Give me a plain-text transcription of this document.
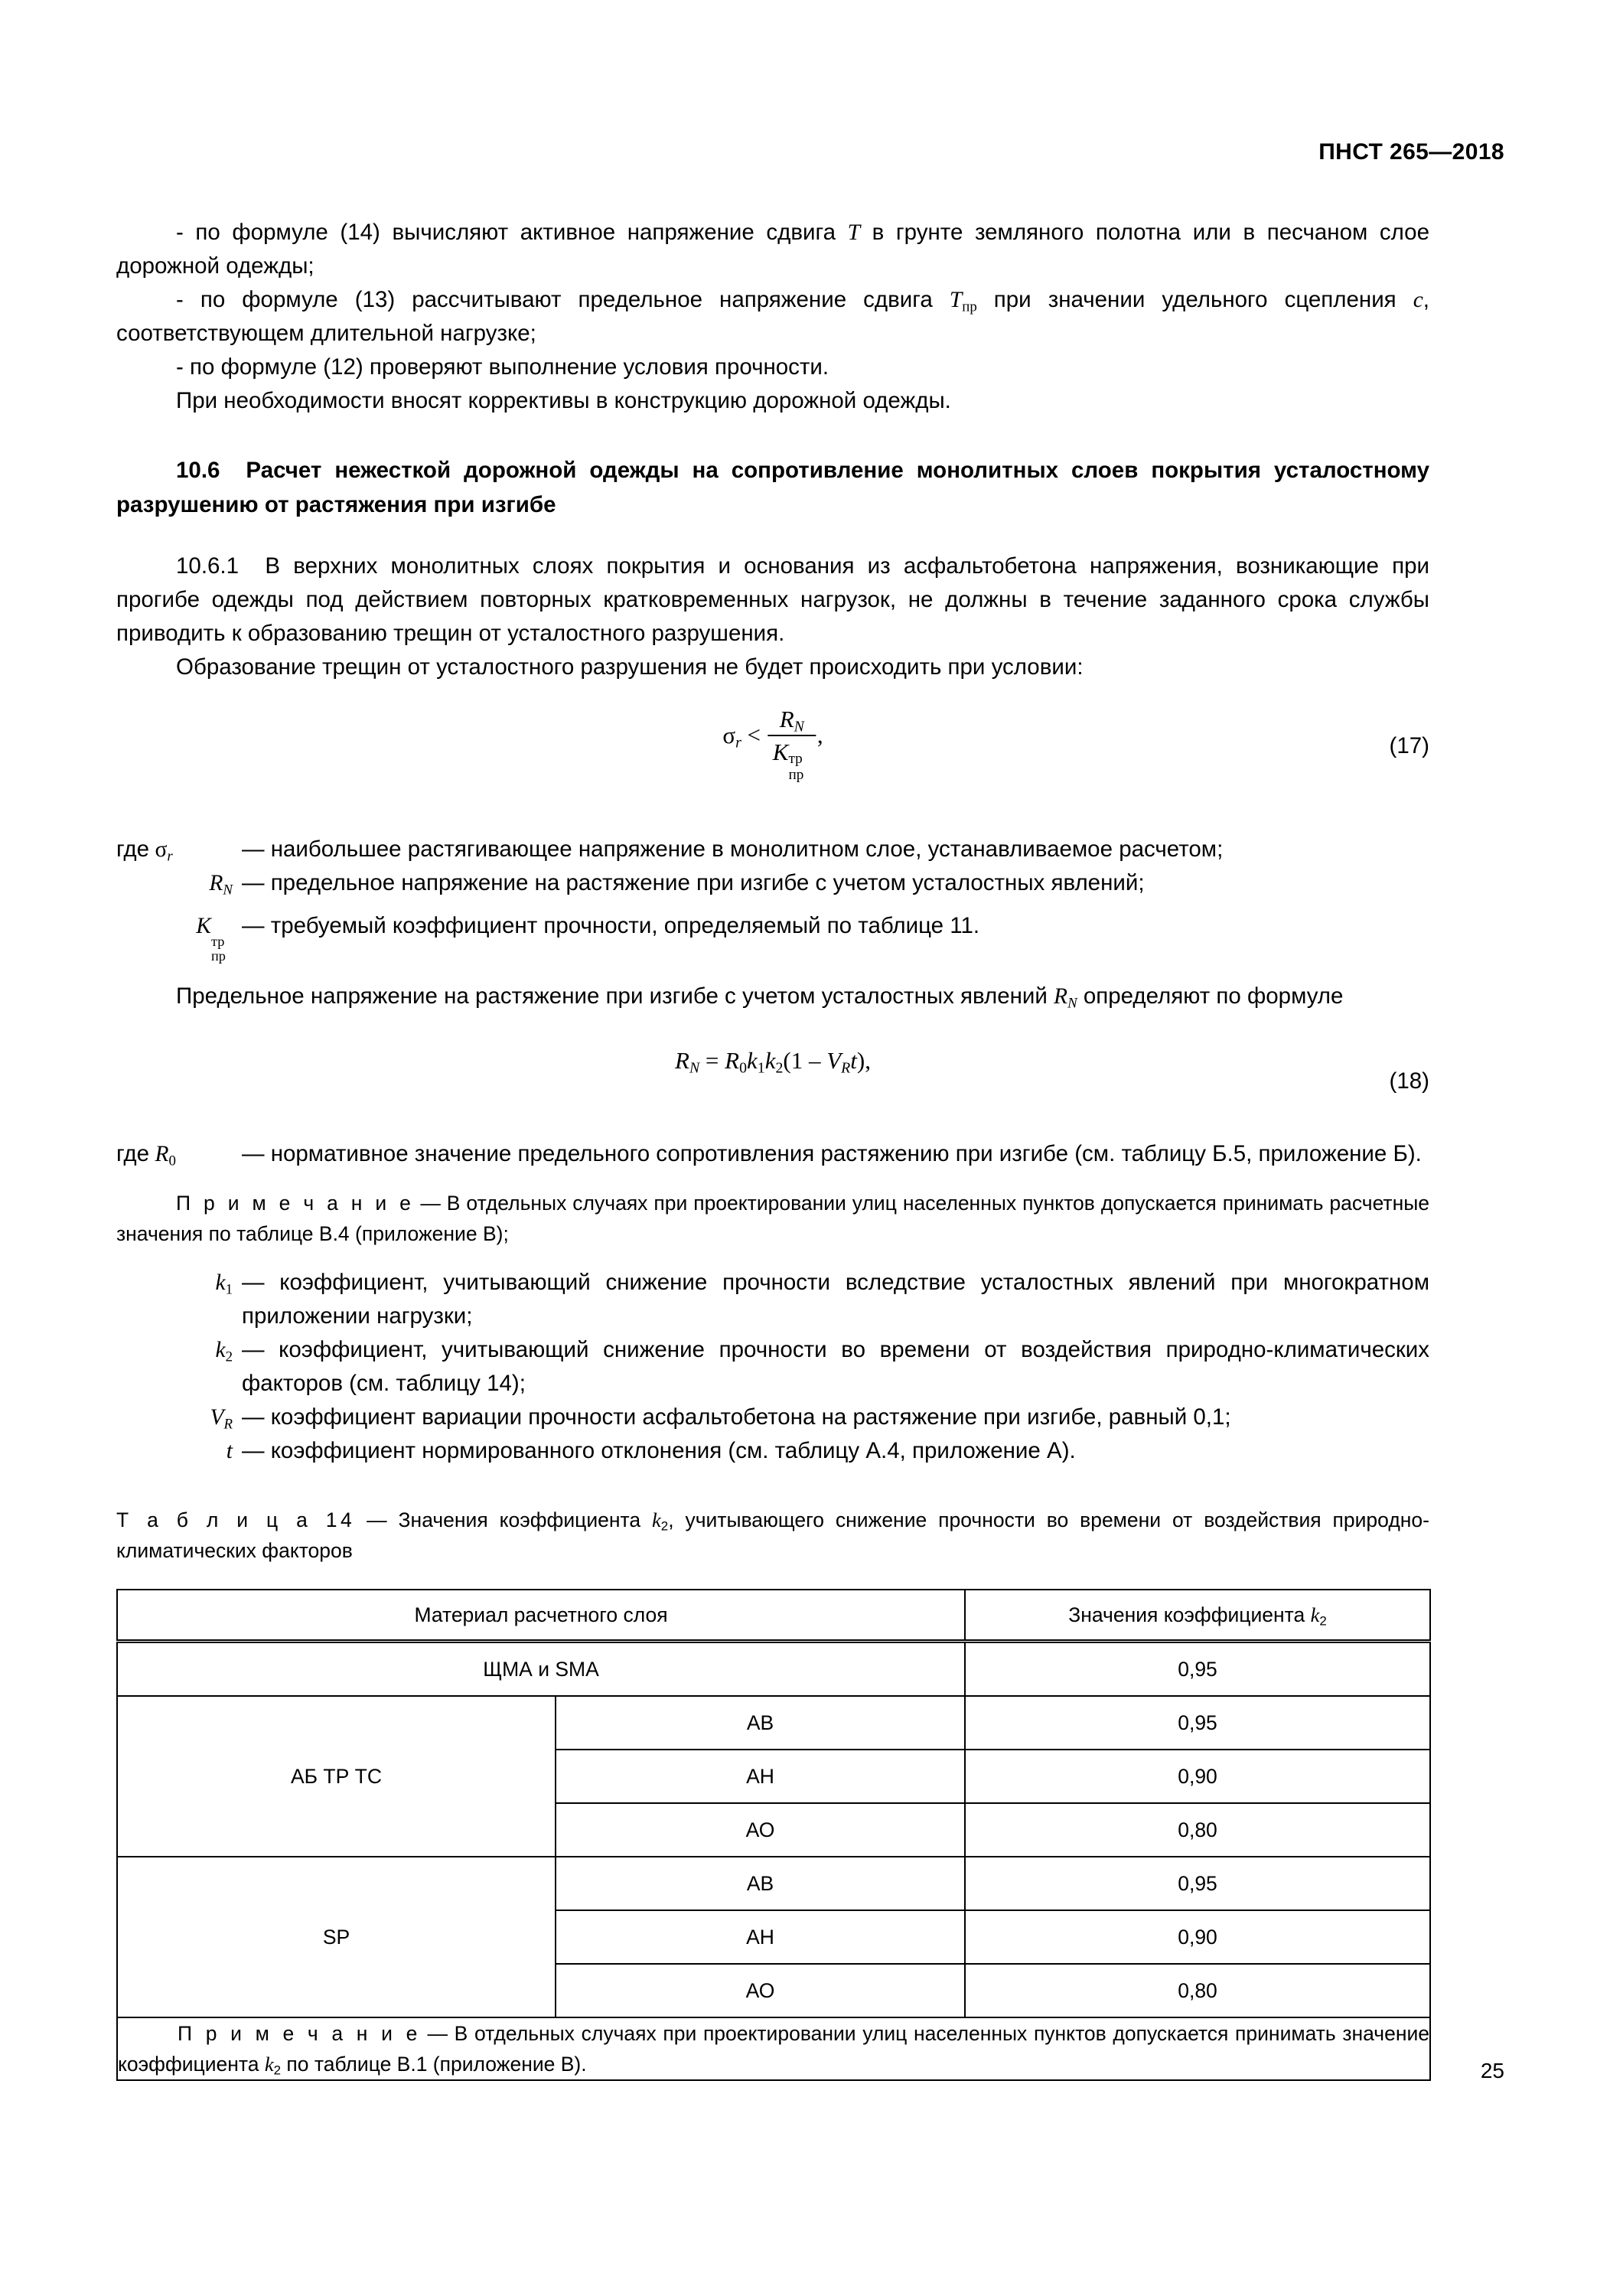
ПНСТ 265—2018

- по формуле (14) вычисляют активное напряжение сдвига T в грунте земляного полотна или в песчаном слое дорожной одежды;

- по формуле (13) рассчитывают предельное напряжение сдвига $T_{пр}$ при значении удельного сцепления c, соответствующем длительной нагрузке;

- по формуле (12) проверяют выполнение условия прочности.

При необходимости вносят коррективы в конструкцию дорожной одежды.

10.6 Расчет нежесткой дорожной одежды на сопротивление монолитных слоев покрытия усталостному разрушению от растяжения при изгибе

10.6.1 В верхних монолитных слоях покрытия и основания из асфальтобетона напряжения, возникающие при прогибе одежды под действием повторных кратковременных нагрузок, не должны в течение заданного срока службы приводить к образованию трещин от усталостного разрушения.

Образование трещин от усталостного разрушения не будет происходить при условии:

$\sigma_r < R_N$
K тр
пр ,	(17)
где $\sigma_r$	— наибольшее растягивающее напряжение в монолитном слое, устанавливаемое расчетом;
$R_N$ — предельное напряжение на растяжение при изгибе с учетом усталостных явлений;
K
тр
пр
— требуемый коэффициент прочности, определяемый по таблице 11.

Предельное напряжение на растяжение при изгибе с учетом усталостных явлений $R_N$ определяют по формуле

$R_N = R_0k_1k_2(1 - V_Rt)$,
(18)
где $R_0$	— нормативное значение предельного сопротивления растяжению при изгибе (см. таблицу Б.5, приложение Б).

П р и м е ч а н и е — В отдельных случаях при проектировании улиц населенных пунктов допускается принимать расчетные значения по таблице В.4 (приложение В);

$k_1$ — коэффициент, учитывающий снижение прочности вследствие усталостных явлений при многократном приложении нагрузки;
$k_2$ — коэффициент, учитывающий снижение прочности во времени от воздействия природно-климатических факторов (см. таблицу 14);
$V_R$ — коэффициент вариации прочности асфальтобетона на растяжение при изгибе, равный 0,1;
t — коэффициент нормированного отклонения (см. таблицу А.4, приложение А).

Т а б л и ц а 14 — Значения коэффициента $k_2$, учитывающего снижение прочности во времени от воздействия природно-климатических факторов

Материал расчетного слоя		Значения коэффициента $k_2$
ЩМА и SMA		0,95
АБ ТР ТС	АВ	0,95
	АН	0,90
	АО	0,80
SP	АВ	0,95
	АН	0,90
	АО	0,80

П р и м е ч а н и е — В отдельных случаях при проектировании улиц населенных пунктов допускается принимать значение коэффициента $k_2$ по таблице В.1 (приложение В).			25
